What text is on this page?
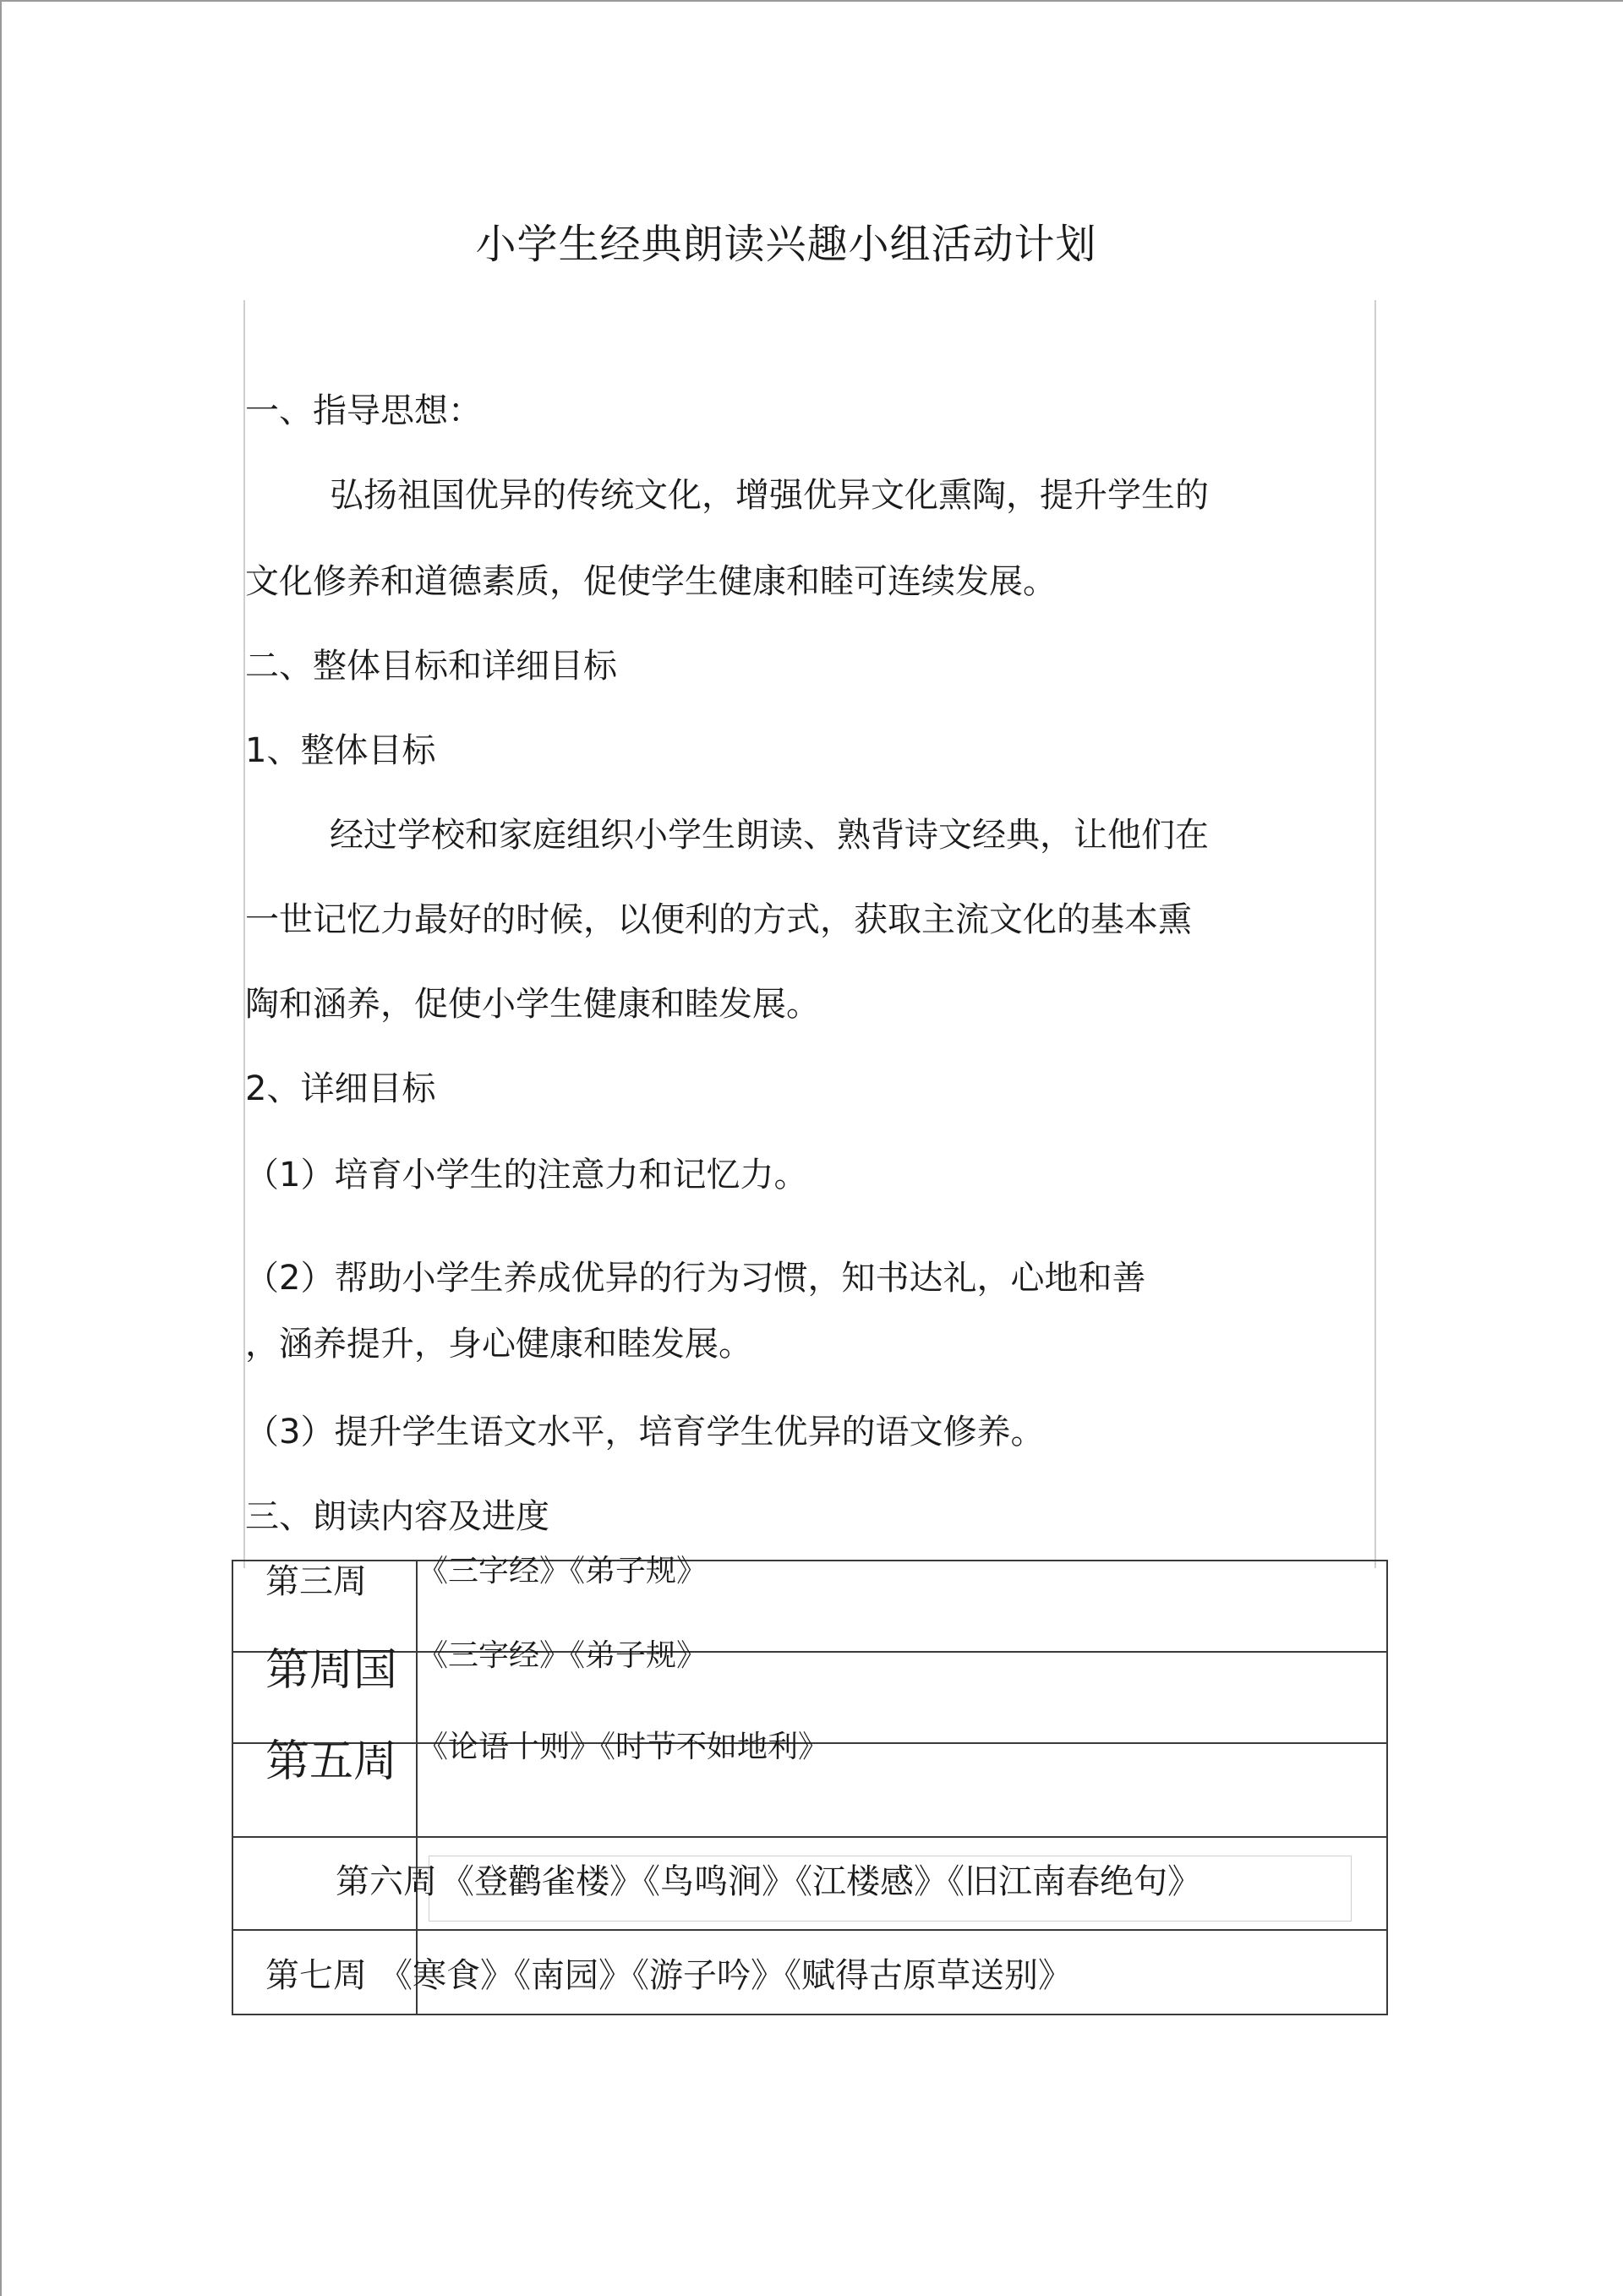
小学生经典朗读兴趣小组活动计划
一、指导思想：
弘扬祖国优异的传统文化，增强优异文化熏陶，提升学生的
文化修养和道德素质，促使学生健康和睦可连续发展。
二、整体目标和详细目标
1、整体目标
经过学校和家庭组织小学生朗读、熟背诗文经典，让他们在
一世记忆力最好的时候，以便利的方式，获取主流文化的基本熏
陶和涵养，促使小学生健康和睦发展。
2、详细目标
（1）培育小学生的注意力和记忆力。
（2）帮助小学生养成优异的行为习惯，知书达礼，心地和善
，涵养提升，身心健康和睦发展。
（3）提升学生语文水平，培育学生优异的语文修养。
三、朗读内容及进度
第三周 《三字经》《弟子规》
第周国 《三字经》《弟子规》
第五周 《论语十则》《时节不如地利》
第六周 《登鹳雀楼》《鸟鸣涧》《江楼感》《旧江南春绝句》
第七周 《寒食》《南园》《游子吟》《赋得古原草送别》
